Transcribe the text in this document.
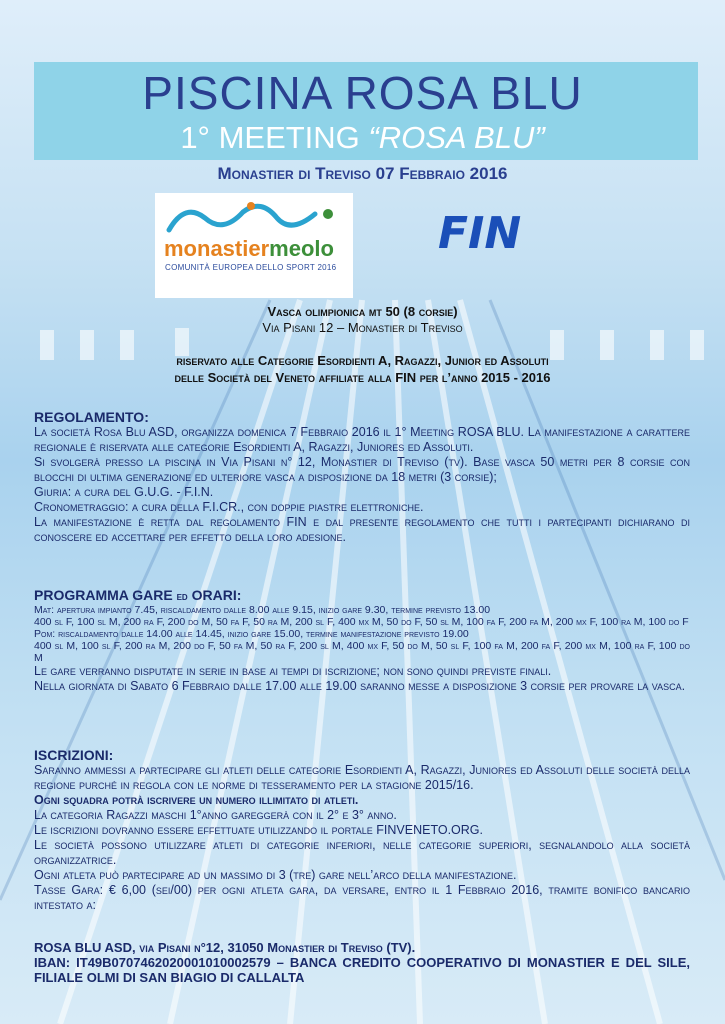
PISCINA ROSA BLU
1° MEETING “ROSA BLU”
Monastier di Treviso 07 Febbraio 2016
monastiermeolo
COMUNITÀ EUROPEA DELLO SPORT 2016
FIN
Vasca olimpionica mt 50 (8 corsie)
Via Pisani 12 – Monastier di Treviso
riservato alle Categorie Esordienti A, Ragazzi, Junior ed Assoluti
delle Società del Veneto affiliate alla FIN per l’anno 2015 - 2016

REGOLAMENTO:

La società Rosa Blu ASD, organizza domenica 7 Febbraio 2016 il 1° Meeting ROSA BLU. La manifestazione a carattere regionale è riservata alle categorie Esordienti A, Ragazzi, Juniores ed Assoluti.

Si svolgerà presso la piscina in Via Pisani n° 12, Monastier di Treviso (tv). Base vasca 50 metri per 8 corsie con blocchi di ultima generazione ed ulteriore vasca a disposizione da 18 metri (3 corsie);

Giuria: a cura del G.U.G. - F.I.N.

Cronometraggio: a cura della F.I.CR., con doppie piastre elettroniche.

La manifestazione è retta dal regolamento FIN e dal presente regolamento che tutti i partecipanti dichiarano di conoscere ed accettare per effetto della loro adesione.

PROGRAMMA GARE ed ORARI:

Mat: apertura impianto 7.45, riscaldamento dalle 8.00 alle 9.15, inizio gare 9.30, termine previsto 13.00

400 sl F, 100 sl M, 200 ra F, 200 do M, 50 fa F, 50 ra M, 200 sl F, 400 mx M, 50 do F, 50 sl M, 100 fa F, 200 fa M, 200 mx F, 100 ra M, 100 do F

Pom: riscaldamento dalle 14.00 alle 14.45, inizio gare 15.00, termine manifestazione previsto 19.00

400 sl M, 100 sl F, 200 ra M, 200 do F, 50 fa M, 50 ra F, 200 sl M, 400 mx F, 50 do M, 50 sl F, 100 fa M, 200 fa F, 200 mx M, 100 ra F, 100 do M

Le gare verranno disputate in serie in base ai tempi di iscrizione; non sono quindi previste finali.

Nella giornata di Sabato 6 Febbraio dalle 17.00 alle 19.00 saranno messe a disposizione 3 corsie per provare la vasca.

ISCRIZIONI:

Saranno ammessi a partecipare gli atleti delle categorie Esordienti A, Ragazzi, Juniores ed Assoluti delle società della regione purché in regola con le norme di tesseramento per la stagione 2015/16.

Ogni squadra potrà iscrivere un numero illimitato di atleti.

La categoria Ragazzi maschi 1°anno gareggerà con il 2° e 3° anno.

Le iscrizioni dovranno essere effettuate utilizzando il portale FINVENETO.ORG.

Le società possono utilizzare atleti di categorie inferiori, nelle categorie superiori, segnalandolo alla società organizzatrice.

Ogni atleta può partecipare ad un massimo di 3 (tre) gare nell’arco della manifestazione.

Tasse Gara: € 6,00 (sei/00) per ogni atleta gara, da versare, entro il 1 Febbraio 2016, tramite bonifico bancario intestato a:

ROSA BLU ASD, via Pisani n°12, 31050 Monastier di Treviso (TV).

IBAN: IT49B0707462020001010002579 – BANCA CREDITO COOPERATIVO DI MONASTIER E DEL SILE, FILIALE OLMI DI SAN BIAGIO DI CALLALTA
